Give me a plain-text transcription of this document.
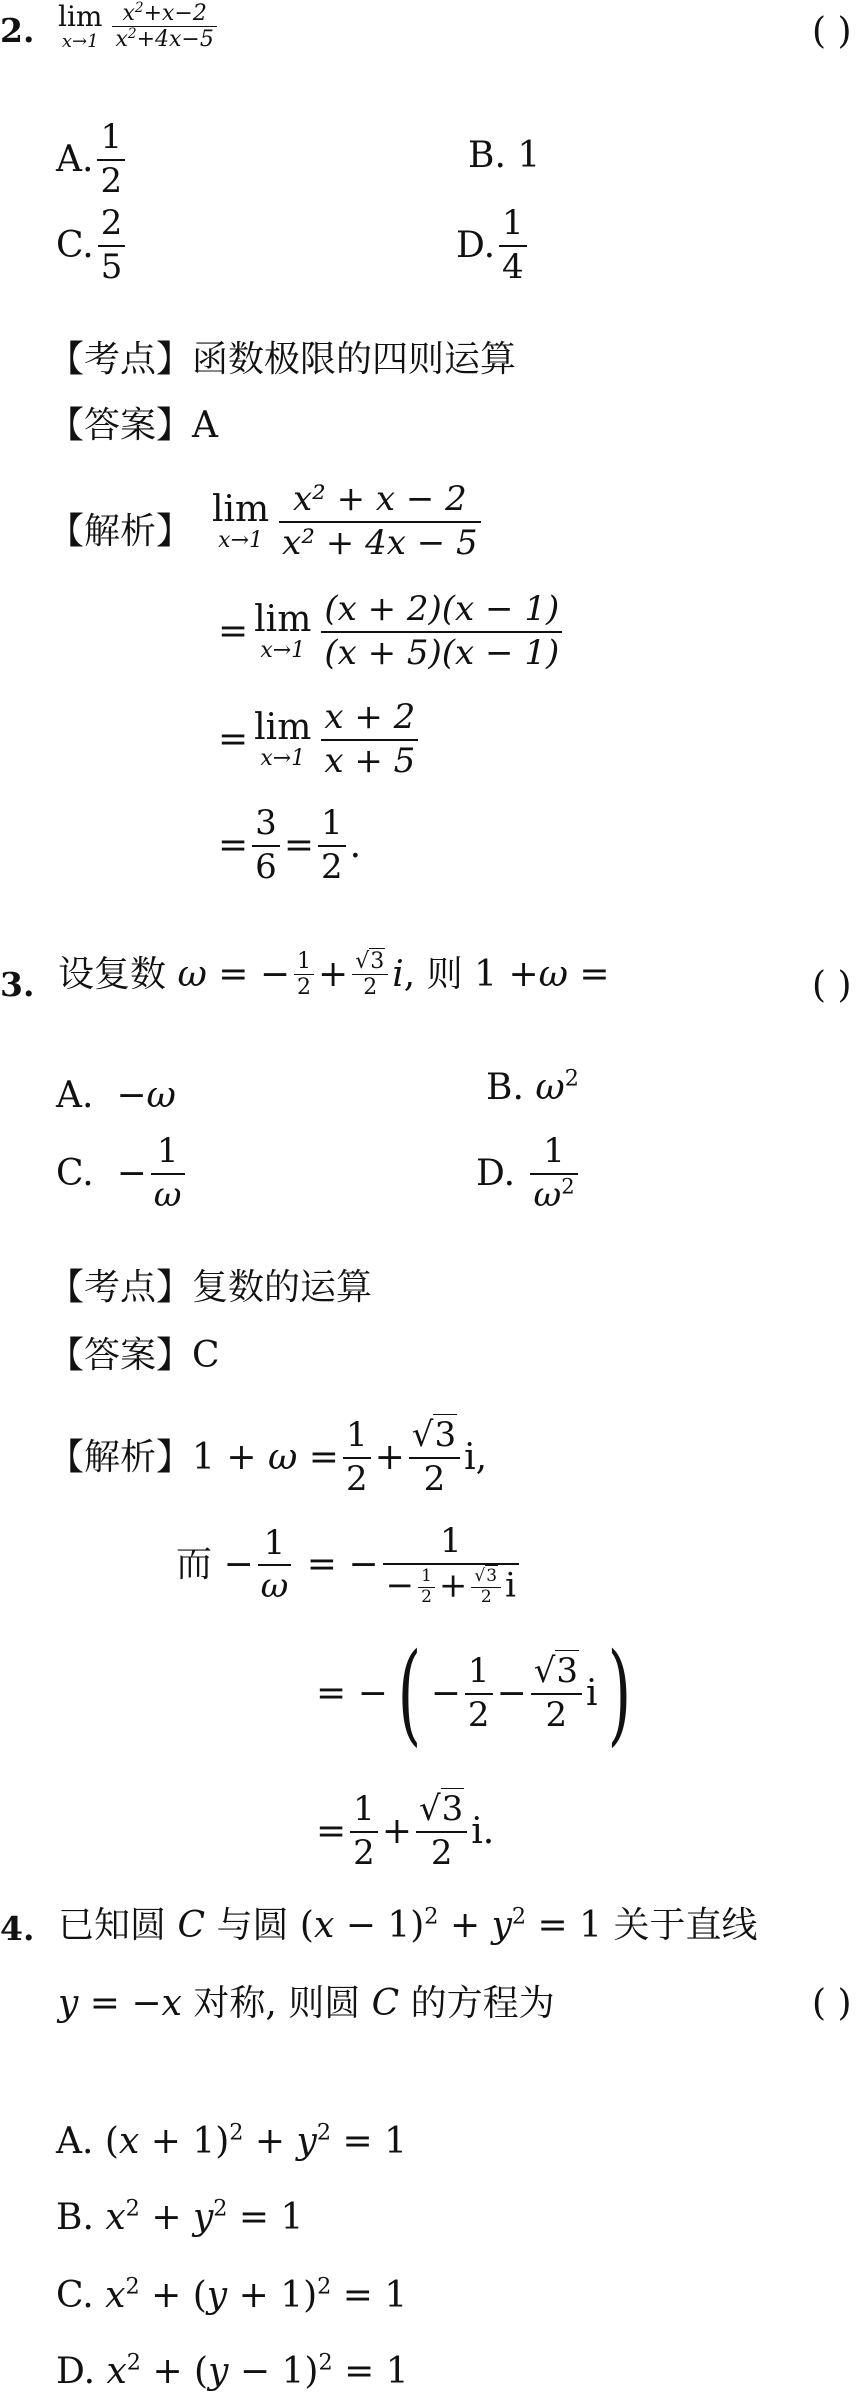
2. lim
$x\to 1 \frac{x^2+x-2}{x^2+4x-5}$	( )
A. $\frac{1}{2}$	B. 1
C. $\frac{2}{5}$	D. $\frac{1}{4}$
【考点】函数极限的四则运算
【答案】A
【解析】
lim
$x\to 1 \frac{\text{x² + x − 2}}{\text{x² + 4x − 5}}$
= lim
$x\to 1 \frac{(x + 2)(x - 1)}{(x + 5)(x - 1)}$
= lim
$x\to 1 \frac{x + 2}{x + 5}$
= $\frac{3}{6} = \frac{1}{2}$ .
3. 设复数
ω = − $\frac{1}{2} + \frac{√3}{2}$ i , 则 1 + ω =	( )
A.  −ω	B. $\omega^2$
C. − $\frac{1}{\omega}$	D.
$\frac{1}{\omega^2}$
【考点】复数的运算
【答案】C
【解析】 $1 + \omega = \frac{1}{2} + \frac{√3}{2} i$,
而 − $\frac{1}{\omega}$ = − $\frac{1}{- \frac{1}{2} + \frac{√3}{2} i}$
= − ( − $\frac{1}{2} - \frac{√3}{2}$ i )
= $\frac{1}{2} + \frac{√3}{2} i$.
4. 已知圆 C 与圆 $(x - 1)^2 + y^2 = 1$ 关于直线
y = −x 对称, 则圆 C 的方程为	( )
A. $(x + 1)^2 + y^2 = 1$
B. $x^2 + y^2 = 1$
C. $x^2 + (y + 1)^2 = 1$
D. $x^2 + (y - 1)^2 = 1$
